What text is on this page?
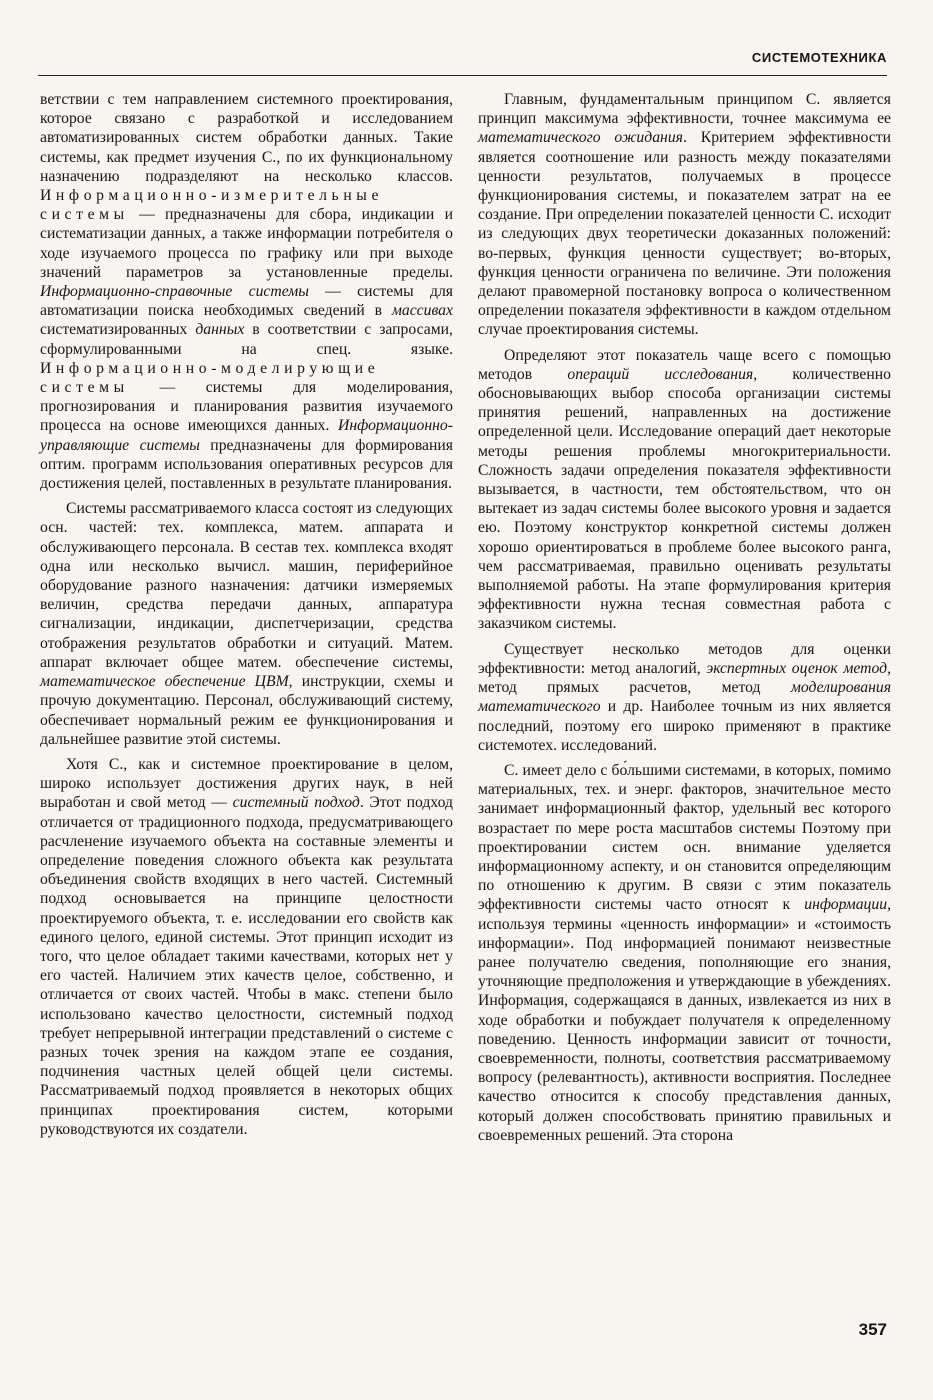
СИСТЕМОТЕХНИКА

ветствии с тем направлением системного проектирования, которое связано с разработкой и исследованием автоматизированных систем обработки данных. Такие системы, как предмет изучения С., по их функциональному назначению подразделяют на несколько классов. Информационно-измерительные системы — предназначены для сбора, индикации и систематизации данных, а также информации потребителя о ходе изучаемого процесса по графику или при выходе значений параметров за установленные пределы. Информационно-справочные системы — системы для автоматизации поиска необходимых сведений в массивах систематизированных данных в соответствии с запросами, сформулированными на спец. языке. Информационно-моделирующие системы — системы для моделирования, прогнозирования и планирования развития изучаемого процесса на основе имеющихся данных. Информационно-управляющие системы предназначены для формирования оптим. программ использования оперативных ресурсов для достижения целей, поставленных в результате планирования.

Системы рассматриваемого класса состоят из следующих осн. частей: тех. комплекса, матем. аппарата и обслуживающего персонала. В сестав тех. комплекса входят одна или несколько вычисл. машин, периферийное оборудование разного назначения: датчики измеряемых величин, средства передачи данных, аппаратура сигнализации, индикации, диспетчеризации, средства отображения результатов обработки и ситуаций. Матем. аппарат включает общее матем. обеспечение системы, математическое обеспечение ЦВМ, инструкции, схемы и прочую документацию. Персонал, обслуживающий систему, обеспечивает нормальный режим ее функционирования и дальнейшее развитие этой системы.

Хотя С., как и системное проектирование в целом, широко использует достижения других наук, в ней выработан и свой метод — системный подход. Этот подход отличается от традиционного подхода, предусматривающего расчленение изучаемого объекта на составные элементы и определение поведения сложного объекта как результата объединения свойств входящих в него частей. Системный подход основывается на принципе целостности проектируемого объекта, т. е. исследовании его свойств как единого целого, единой системы. Этот принцип исходит из того, что целое обладает такими качествами, которых нет у его частей. Наличием этих качеств целое, собственно, и отличается от своих частей. Чтобы в макс. степени было использовано качество целостности, системный подход требует непрерывной интеграции представлений о системе с разных точек зрения на каждом этапе ее создания, подчинения частных целей общей цели системы. Рассматриваемый подход проявляется в некоторых общих принципах проектирования систем, которыми руководствуются их создатели.

Главным, фундаментальным принципом С. является принцип максимума эффективности, точнее максимума ее математического ожидания. Критерием эффективности является соотношение или разность между показателями ценности результатов, получаемых в процессе функционирования системы, и показателем затрат на ее создание. При определении показателей ценности С. исходит из следующих двух теоретически доказанных положений: во-первых, функция ценности существует; во-вторых, функция ценности ограничена по величине. Эти положения делают правомерной постановку вопроса о количественном определении показателя эффективности в каждом отдельном случае проектирования системы.

Определяют этот показатель чаще всего с помощью методов операций исследования, количественно обосновывающих выбор способа организации системы принятия решений, направленных на достижение определенной цели. Исследование операций дает некоторые методы решения проблемы многокритериальности. Сложность задачи определения показателя эффективности вызывается, в частности, тем обстоятельством, что он вытекает из задач системы более высокого уровня и задается ею. Поэтому конструктор конкретной системы должен хорошо ориентироваться в проблеме более высокого ранга, чем рассматриваемая, правильно оценивать результаты выполняемой работы. На этапе формулирования критерия эффективности нужна тесная совместная работа с заказчиком системы.

Существует несколько методов для оценки эффективности: метод аналогий, экспертных оценок метод, метод прямых расчетов, метод моделирования математического и др. Наиболее точным из них является последний, поэтому его широко применяют в практике системотех. исследований.

С. имеет дело с бо́льшими системами, в которых, помимо материальных, тех. и энерг. факторов, значительное место занимает информационный фактор, удельный вес которого возрастает по мере роста масштабов системы Поэтому при проектировании систем осн. внимание уделяется информационному аспекту, и он становится определяющим по отношению к другим. В связи с этим показатель эффективности системы часто относят к информации, используя термины «ценность информации» и «стоимость информации». Под информацией понимают неизвестные ранее получателю сведения, пополняющие его знания, уточняющие предположения и утверждающие в убеждениях. Информация, содержащаяся в данных, извлекается из них в ходе обработки и побуждает получателя к определенному поведению. Ценность информации зависит от точности, своевременности, полноты, соответствия рассматриваемому вопросу (релевантность), активности восприятия. Последнее качество относится к способу представления данных, который должен способствовать принятию правильных и своевременных решений. Эта сторона

357
